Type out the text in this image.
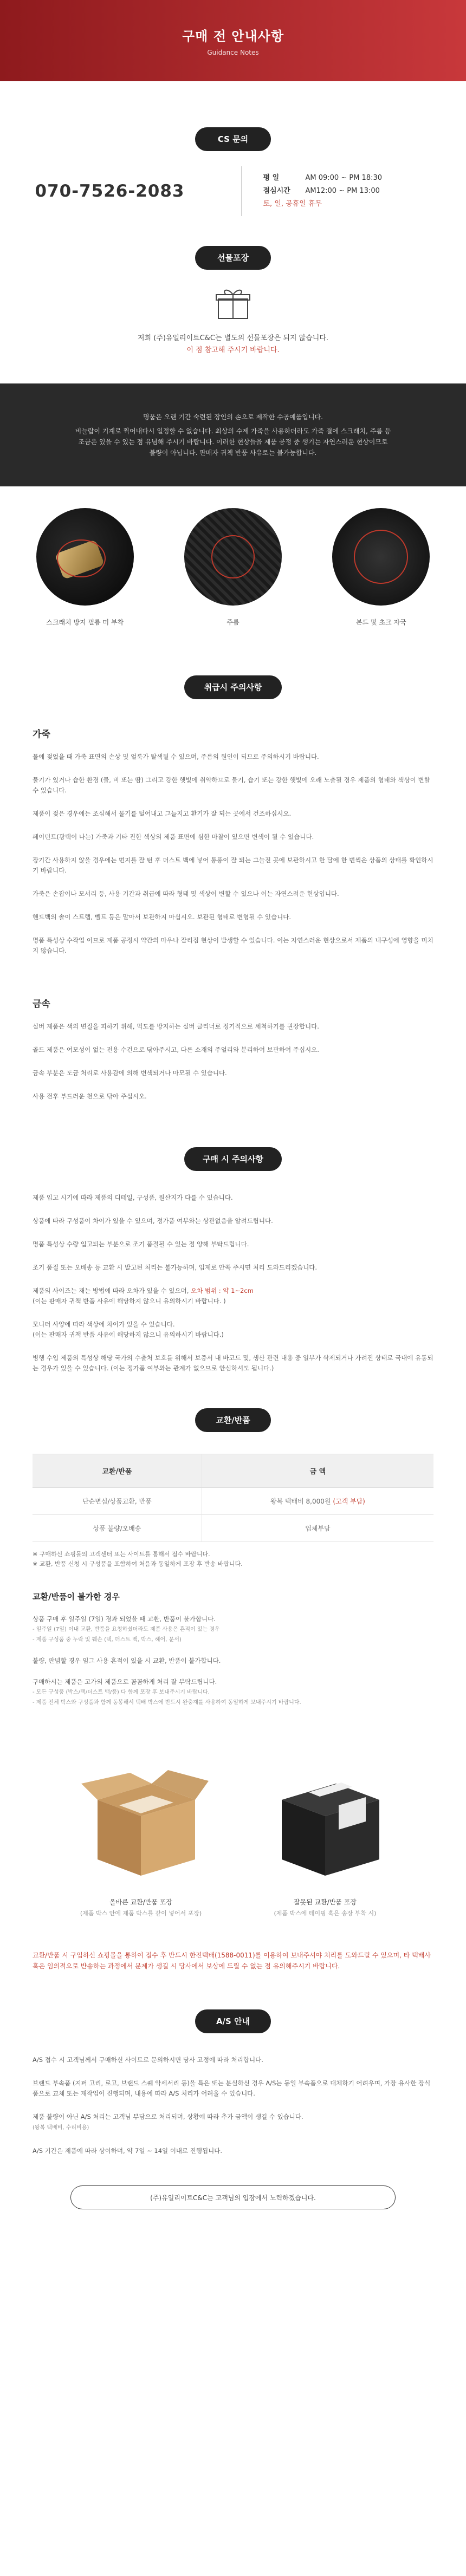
구매 전 안내사항
Guidance Notes
CS 문의
070-7526-2083
평 일	AM 09:00 ~ PM 18:30
점심시간 AM12:00 ~ PM 13:00
토, 일, 공휴일 휴무
선물포장

저희 (주)유일리이트C&C는 별도의 선물포장은 되지 않습니다.

이 점 참고해 주시기 바랍니다.

명품은 오랜 기간 숙련된 장인의 손으로 제작한 수공예품입니다.
비늘랍이 기계로 찍어내다시 일정할 수 없습니다. 최상의 수제 가죽을 사용하더라도 가죽 결에 스크래치, 주름 등
조금은 있을 수 있는 점 유념해 주시기 바랍니다. 이러한 현상들을 제품 공정 중 생기는 자연스러운 현상이므로
불량이 아닙니다. 판매자 귀책 반품 사유로는 불가능합니다.
스크래치 방지 필름 미 부착	주름	본드 및 초크 자국
취급시 주의사항
가죽
물에 젖었을 때 가죽 표면의 손상 및 얼룩가 탈색될 수 있으며, 주름의 원인이 되므로 주의하시기 바랍니다.
물기가 있거나 습한 환경 (물, 비 또는 땀) 그리고 강한 햇빛에 취약하므로 물기, 습기 또는 강한 햇빛에 오래 노출될 경우 제품의 형태와 색상이 변할 수 있습니다.
제품이 젖은 경우에는 조심해서 물기를 털어내고 그늘지고 환기가 잘 되는 곳에서 건조하십시오.
페이턴트(광택이 나는) 가죽과 기타 진한 색상의 제품 표면에 심한 마찰이 있으면 변색이 될 수 있습니다.
장기간 사용하지 않을 경우에는 먼지를 잘 턴 후 더스트 백에 넣어 통풍이 잘 되는 그늘진 곳에 보관하시고 한 달에 한 번씩은 상품의 상태를 확인하시기 바랍니다.
가죽은 손잡이나 모서리 등, 사용 기간과 취급에 따라 형태 및 색상이 변할 수 있으나 이는 자연스러운 현상입니다.
핸드백의 솔이 스트랩, 벨트 등은 말아서 보관하지 마십시오. 보관된 형태로 변형될 수 있습니다.
명품 특성상 수작업 이므로 제품 공정시 약간의 마우나 잘리짐 현상이 발생할 수 있습니다. 이는 자연스러운 현상으로서 제품의 내구성에 영향을 미치지 않습니다.
금속
실버 제품은 색의 변질을 피하기 위해, 먹도를 방지하는 실버 클리너로 정기적으로 세척하기를 권장합니다.
골드 제품은 여모성이 없는 전용 수건으로 닦아주시고, 다른 소재의 주얼리와 분리하여 보관하여 주십시오.
금속 부분은 도금 처리로 사용감에 의해 변색되거나 마모될 수 있습니다.
사용 전후 부드러운 천으로 닦아 주십시오.
구매 시 주의사항
제품 입고 시기에 따라 제품의 디테일, 구성품, 원산지가 다를 수 있습니다.
상품에 따라 구성품이 차이가 있을 수 있으며, 정가품 여부와는 상관없음을 알려드립니다.
명품 특성상 수량 입고되는 부분으로 조기 품절될 수 있는 점 양해 부탁드립니다.
조기 품절 또는 오배송 등 교환 시 발고된 처리는 불가능하며, 입제로 안쪽 주시면 처리 도와드리겠습니다.
제품의 사이즈는 재는 방법에 따라 오차가 있을 수 있으며, 오차 범위 : 약 1~2cm
(이는 판매자 귀책 반품 사유에 해당하지 않으니 유의하시기 바랍니다. )
모니터 사양에 따라 색상에 차이가 있을 수 있습니다.
(이는 판매자 귀책 반품 사유에 해당하지 않으니 유의하시기 바랍니다.)
병행 수입 제품의 특성상 해당 국가의 수출처 보호를 위해서 보증서 내 바코드 및, 생산 관련 내용 중 일부가 삭제되거나 가려진 상태로 국내에 유통되는 경우가 있을 수 있습니다. (이는 정가품 여부와는 관계가 없으므로 안심하셔도 됩니다.)
교환/반품
교환/반품	금 액
단순변심/상품교환, 반품	왕복 택배비 8,000원 (고객 부담)
상품 불량/오배송	업체부담
※ 구매하신 쇼핑몰의 고객센터 또는 사이트를 통해서 접수 바랍니다.
※ 교환, 반품 신청 시 구성품을 포함하여 처음과 동일하게 포장 후 반송 바랍니다.
교환/반품이 불가한 경우
상품 구매 후 일주일 (7일) 경과 되었을 때 교환, 반품이 불가합니다.
- 일주일 (7일) 이내 교환, 반품을 요청하셨더라도 제품 사용은 흔적이 있는 경우
- 제품 구성품 중 누락 및 훼손 (택, 더스트 백, 박스, 헤어, 문서)
불량, 판념할 경우 임그 사용 흔적이 있을 시 교환, 반품이 불가합니다.
구매하시는 제품은 고가의 제품으로 꼼꼼하게 처리 잘 부탁드립니다.
- 모든 구성품 (박스/택/더스트 백/품) 다 함께 포장 후 보내주시기 바랍니다.
- 제품 전체 박스와 구성품과 함께 동봉해서 택배 박스에 반드시 완충재를 사용하여 동일하게 보내주시기 바랍니다.
올바른 교환/반품 포장
(제품 박스 안에 제품 박스를 같이 넣어서 포장)
잘못된 교환/반품 포장
(제품 박스에 테이핑 혹은 송장 부착 시)
교환/반품 시 구입하신 쇼핑몰을 통하여 접수 후 반드시 한진택배(1588-0011)를 이용하여 보내주셔야 처리를 도와드릴 수 있으며, 타 택배사 혹은 임의적으로 반송하는 과정에서 문제가 생길 시 당사에서 보상에 드릴 수 없는 점 유의해주시기 바랍니다.
A/S 안내
A/S 접수 시 고객님께서 구매하신 사이트로 문의하시면 당사 고정에 따라 처리합니다.
브랜드 부속품 (지퍼 고리, 로고, 브랜드 스퀘 악세서리 등)을 특은 또는 분실하신 경우 A/S는 동일 부속품으로 대체하기 어려우며, 가장 유사한 장식품으로 교체 또는 재작업이 진행되며, 내용에 따라 A/S 처리가 어려울 수 있습니다.
제품 불량이 아닌 A/S 처리는 고객님 부담으로 처리되며, 상황에 따라 추가 금액이 생길 수 있습니다.
(왕복 택배비, 수리비용)
A/S 기간은 제품에 따라 상이하며, 약 7일 ~ 14일 이내로 진행됩니다.
(주)유일리이트C&C는 고객님의 입장에서 노력하겠습니다.
